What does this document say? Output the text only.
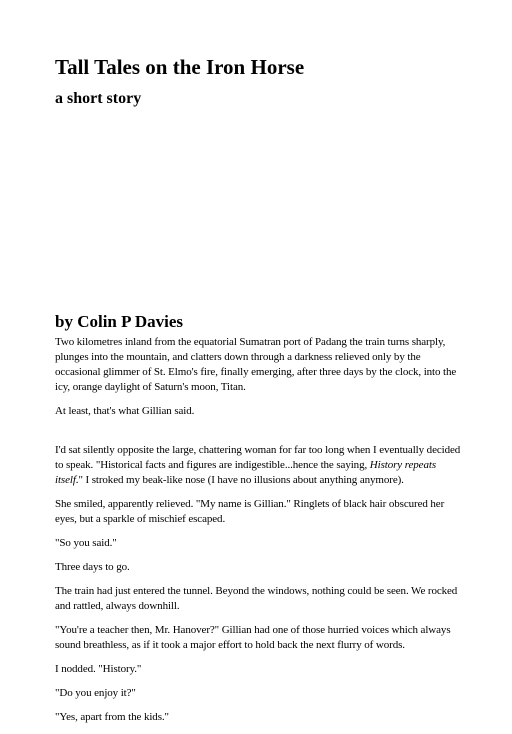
Tall Tales on the Iron Horse
a short story
by Colin P Davies

Two kilometres inland from the equatorial Sumatran port of Padang the train turns sharply, plunges into the mountain, and clatters down through a darkness relieved only by the occasional glimmer of St. Elmo's fire, finally emerging, after three days by the clock, into the icy, orange daylight of Saturn's moon, Titan.

At least, that's what Gillian said.

I'd sat silently opposite the large, chattering woman for far too long when I eventually decided to speak. "Historical facts and figures are indigestible...hence the saying, History repeats itself." I stroked my beak-like nose (I have no illusions about anything anymore).

She smiled, apparently relieved. "My name is Gillian." Ringlets of black hair obscured her eyes, but a sparkle of mischief escaped.

"So you said."

Three days to go.

The train had just entered the tunnel. Beyond the windows, nothing could be seen. We rocked and rattled, always downhill.

"You're a teacher then, Mr. Hanover?" Gillian had one of those hurried voices which always sound breathless, as if it took a major effort to hold back the next flurry of words.

I nodded. "History."

"Do you enjoy it?"

"Yes, apart from the kids."
